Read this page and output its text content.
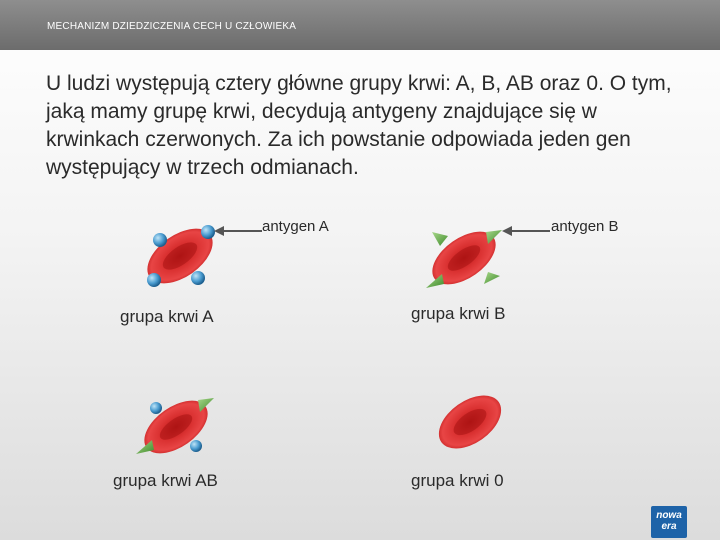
MECHANIZM DZIEDZICZENIA CECH U CZŁOWIEKA
U ludzi występują cztery główne grupy krwi: A, B, AB oraz 0. O tym, jaką mamy grupę krwi, decydują antygeny znajdujące się w krwinkach czerwonych. Za ich powstanie odpowiada jeden gen występujący w trzech odmianach.
antygen A	antygen B
grupa krwi A	grupa krwi B
grupa krwi AB	grupa krwi 0
nowa
era
